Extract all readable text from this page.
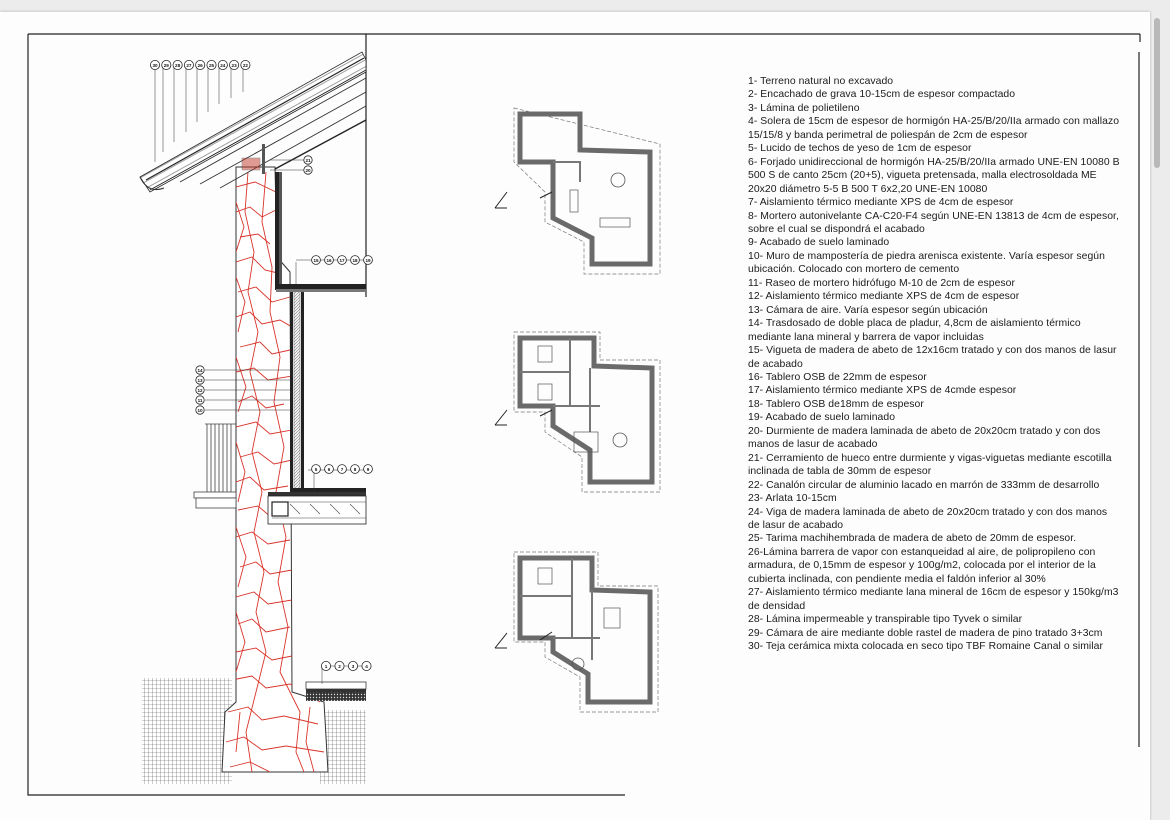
30 29 28 27 26 25 24 23 22
21
20
15 16 17 18 19
14
13
12
11
10
5 6 7 8 9
1 2 3 4
1- Terreno natural no excavado
2- Encachado de grava 10-15cm de espesor compactado
3- Lámina de polietileno
4- Solera de 15cm de espesor de hormigón HA-25/B/20/IIa armado con mallazo 15/15/8 y banda perimetral de poliespán de 2cm de espesor
5- Lucido de techos de yeso de 1cm de espesor
6- Forjado unidireccional de hormigón HA-25/B/20/IIa armado UNE-EN 10080 B 500 S de canto 25cm (20+5), vigueta pretensada, malla electrosoldada ME 20x20 diámetro 5-5 B 500 T 6x2,20 UNE-EN 10080
7- Aislamiento térmico mediante XPS de 4cm de espesor
8- Mortero autonivelante CA-C20-F4 según UNE-EN 13813 de 4cm de espesor, sobre el cual se dispondrá el acabado
9- Acabado de suelo laminado
10- Muro de mampostería de piedra arenisca existente. Varía espesor según ubicación. Colocado con mortero de cemento
11- Raseo de mortero hidrófugo M-10 de 2cm de espesor
12- Aislamiento térmico mediante XPS de 4cm de espesor
13- Cámara de aire. Varía espesor según ubicación
14- Trasdosado de doble placa de pladur, 4,8cm de aislamiento térmico mediante lana mineral y barrera de vapor incluidas
15- Vigueta de madera de abeto de 12x16cm tratado y con dos manos de lasur de acabado
16- Tablero OSB de 22mm de espesor
17- Aislamiento térmico mediante XPS de 4cmde espesor
18- Tablero OSB de18mm de espesor
19- Acabado de suelo laminado
20- Durmiente de madera laminada de abeto de 20x20cm tratado y con dos manos de lasur de acabado
21- Cerramiento de hueco entre durmiente y vigas-viguetas mediante escotilla inclinada de tabla de 30mm de espesor
22- Canalón circular de aluminio lacado en marrón de 333mm de desarrollo
23- Arlata 10-15cm
24- Viga de madera laminada de abeto de 20x20cm tratado y con dos manos de lasur de acabado
25- Tarima machihembrada de madera de abeto de 20mm de espesor.
26-Lámina barrera de vapor con estanqueidad al aire, de polipropileno con armadura, de 0,15mm de espesor y 100g/m2, colocada por el interior de la cubierta inclinada, con pendiente media el faldón inferior al 30%
27- Aislamiento térmico mediante lana mineral de 16cm de espesor y 150kg/m3 de densidad
28- Lámina impermeable y transpirable tipo Tyvek o similar
29- Cámara de aire mediante doble rastel de madera de pino tratado 3+3cm
30- Teja cerámica mixta colocada en seco tipo TBF Romaine Canal o similar
